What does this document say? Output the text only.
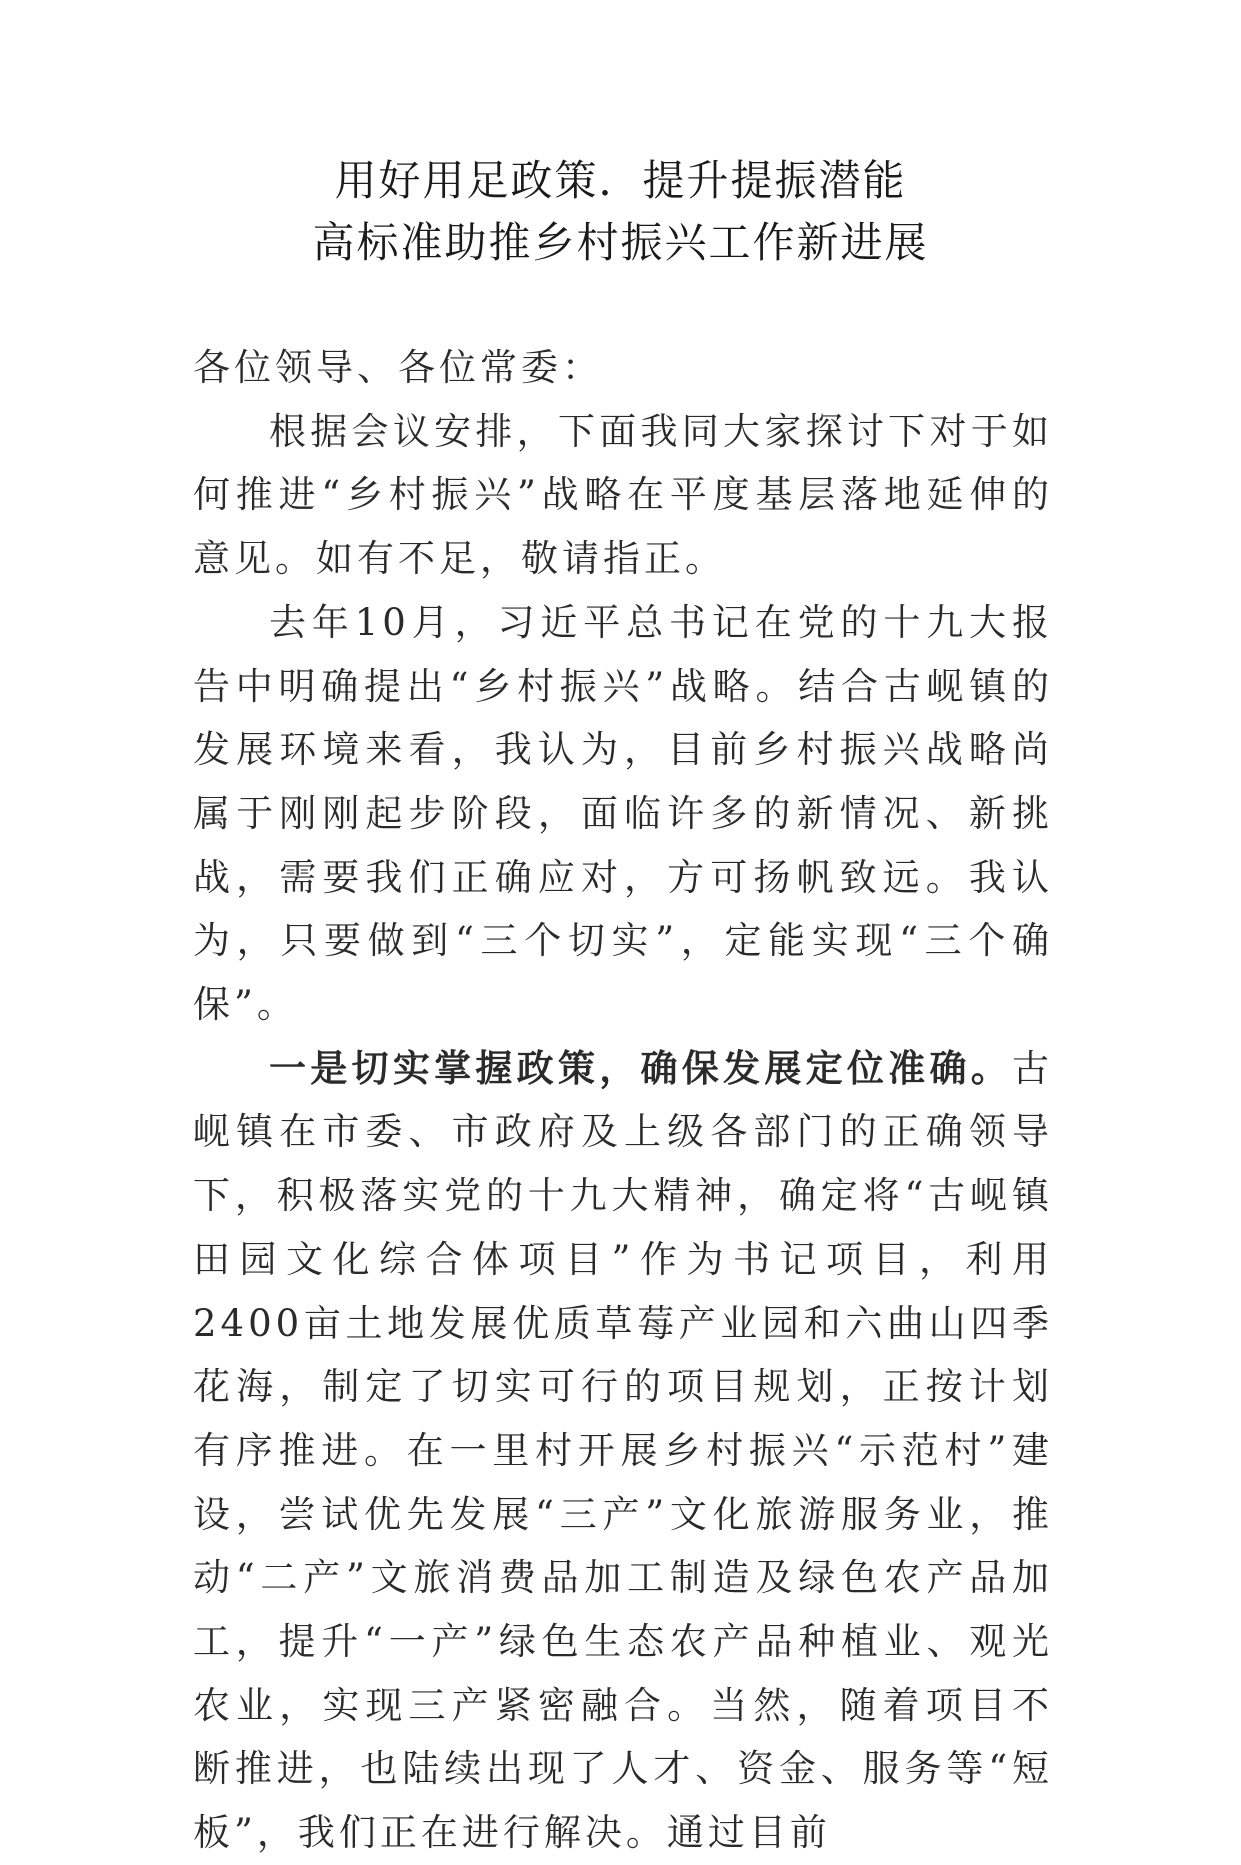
用好用足政策．提升提振潜能
高标准助推乡村振兴工作新进展

各位领导、各位常委：

根据会议安排，下面我同大家探讨下对于如何推进“乡村振兴”战略在平度基层落地延伸的意见。如有不足，敬请指正。

去年10月，习近平总书记在党的十九大报告中明确提出“乡村振兴”战略。结合古岘镇的发展环境来看，我认为，目前乡村振兴战略尚属于刚刚起步阶段，面临许多的新情况、新挑战，需要我们正确应对，方可扬帆致远。我认为，只要做到“三个切实”，定能实现“三个确保”。

一是切实掌握政策，确保发展定位准确。古岘镇在市委、市政府及上级各部门的正确领导下，积极落实党的十九大精神，确定将“古岘镇田园文化综合体项目”作为书记项目，利用2400亩土地发展优质草莓产业园和六曲山四季花海，制定了切实可行的项目规划，正按计划有序推进。在一里村开展乡村振兴“示范村”建设，尝试优先发展“三产”文化旅游服务业，推动“二产”文旅消费品加工制造及绿色农产品加工，提升“一产”绿色生态农产品种植业、观光农业，实现三产紧密融合。当然，随着项目不断推进，也陆续出现了人才、资金、服务等“短板”，我们正在进行解决。通过目前
